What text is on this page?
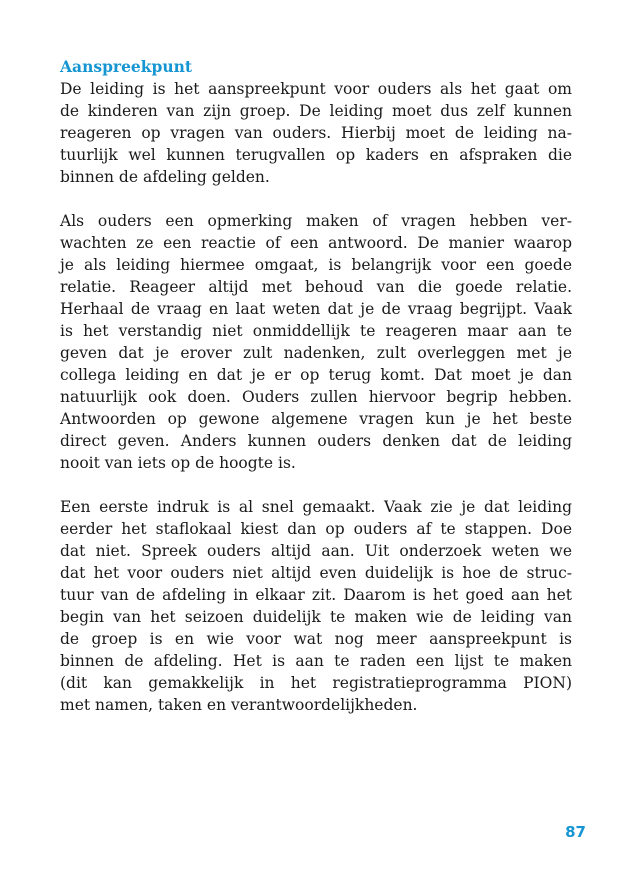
Aanspreekpunt

De leiding is het aanspreekpunt voor ouders als het gaat om
de kinderen van zijn groep. De leiding moet dus zelf kunnen
reageren op vragen van ouders. Hierbij moet de leiding na-
tuurlijk wel kunnen terugvallen op kaders en afspraken die
binnen de afdeling gelden.

Als ouders een opmerking maken of vragen hebben ver-
wachten ze een reactie of een antwoord. De manier waarop
je als leiding hiermee omgaat, is belangrijk voor een goede
relatie. Reageer altijd met behoud van die goede relatie.
Herhaal de vraag en laat weten dat je de vraag begrijpt. Vaak
is het verstandig niet onmiddellijk te reageren maar aan te
geven dat je erover zult nadenken, zult overleggen met je
collega leiding en dat je er op terug komt. Dat moet je dan
natuurlijk ook doen. Ouders zullen hiervoor begrip hebben.
Antwoorden op gewone algemene vragen kun je het beste
direct geven. Anders kunnen ouders denken dat de leiding
nooit van iets op de hoogte is.

Een eerste indruk is al snel gemaakt. Vaak zie je dat leiding
eerder het staflokaal kiest dan op ouders af te stappen. Doe
dat niet. Spreek ouders altijd aan. Uit onderzoek weten we
dat het voor ouders niet altijd even duidelijk is hoe de struc-
tuur van de afdeling in elkaar zit. Daarom is het goed aan het
begin van het seizoen duidelijk te maken wie de leiding van
de groep is en wie voor wat nog meer aanspreekpunt is
binnen de afdeling. Het is aan te raden een lijst te maken
(dit kan gemakkelijk in het registratieprogramma PION)
met namen, taken en verantwoordelijkheden.

87
